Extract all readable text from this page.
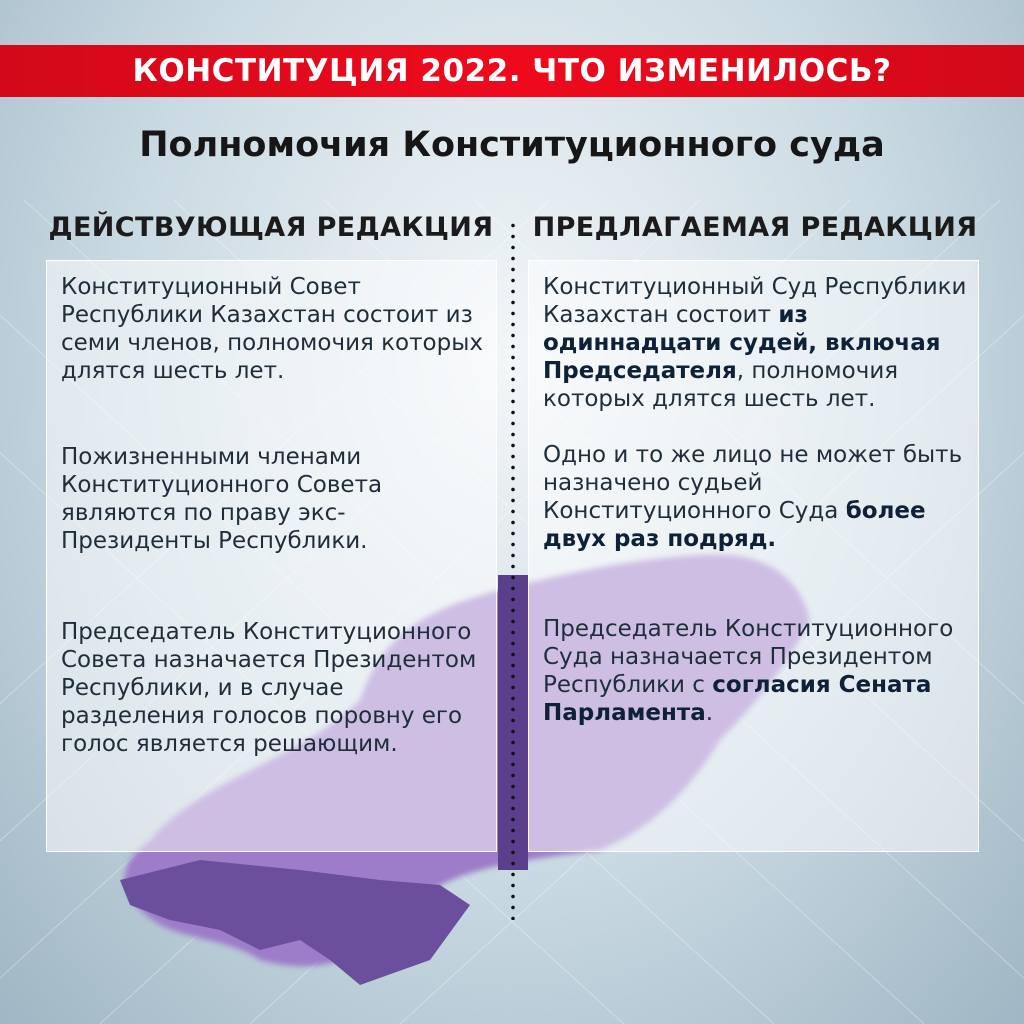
КОНСТИТУЦИЯ 2022. ЧТО ИЗМЕНИЛОСЬ?
Полномочия Конституционного суда
ДЕЙСТВУЮЩАЯ РЕДАКЦИЯ	ПРЕДЛАГАЕМАЯ РЕДАКЦИЯ
Конституционный Совет Республики Казахстан состоит из семи членов, полномочия которых длятся шесть лет.
Пожизненными членами Конституционного Совета являются по праву экс-Президенты Республики.
Председатель Конституционного Совета назначается Президентом Республики, и в случае разделения голосов поровну его голос является решающим.
Конституционный Суд Республики Казахстан состоит из одиннадцати судей, включая Председателя, полномочия которых длятся шесть лет.
Одно и то же лицо не может быть назначено судьей Конституционного Суда более двух раз подряд.
Председатель Конституционного Суда назначается Президентом Республики с согласия Сената Парламента.
